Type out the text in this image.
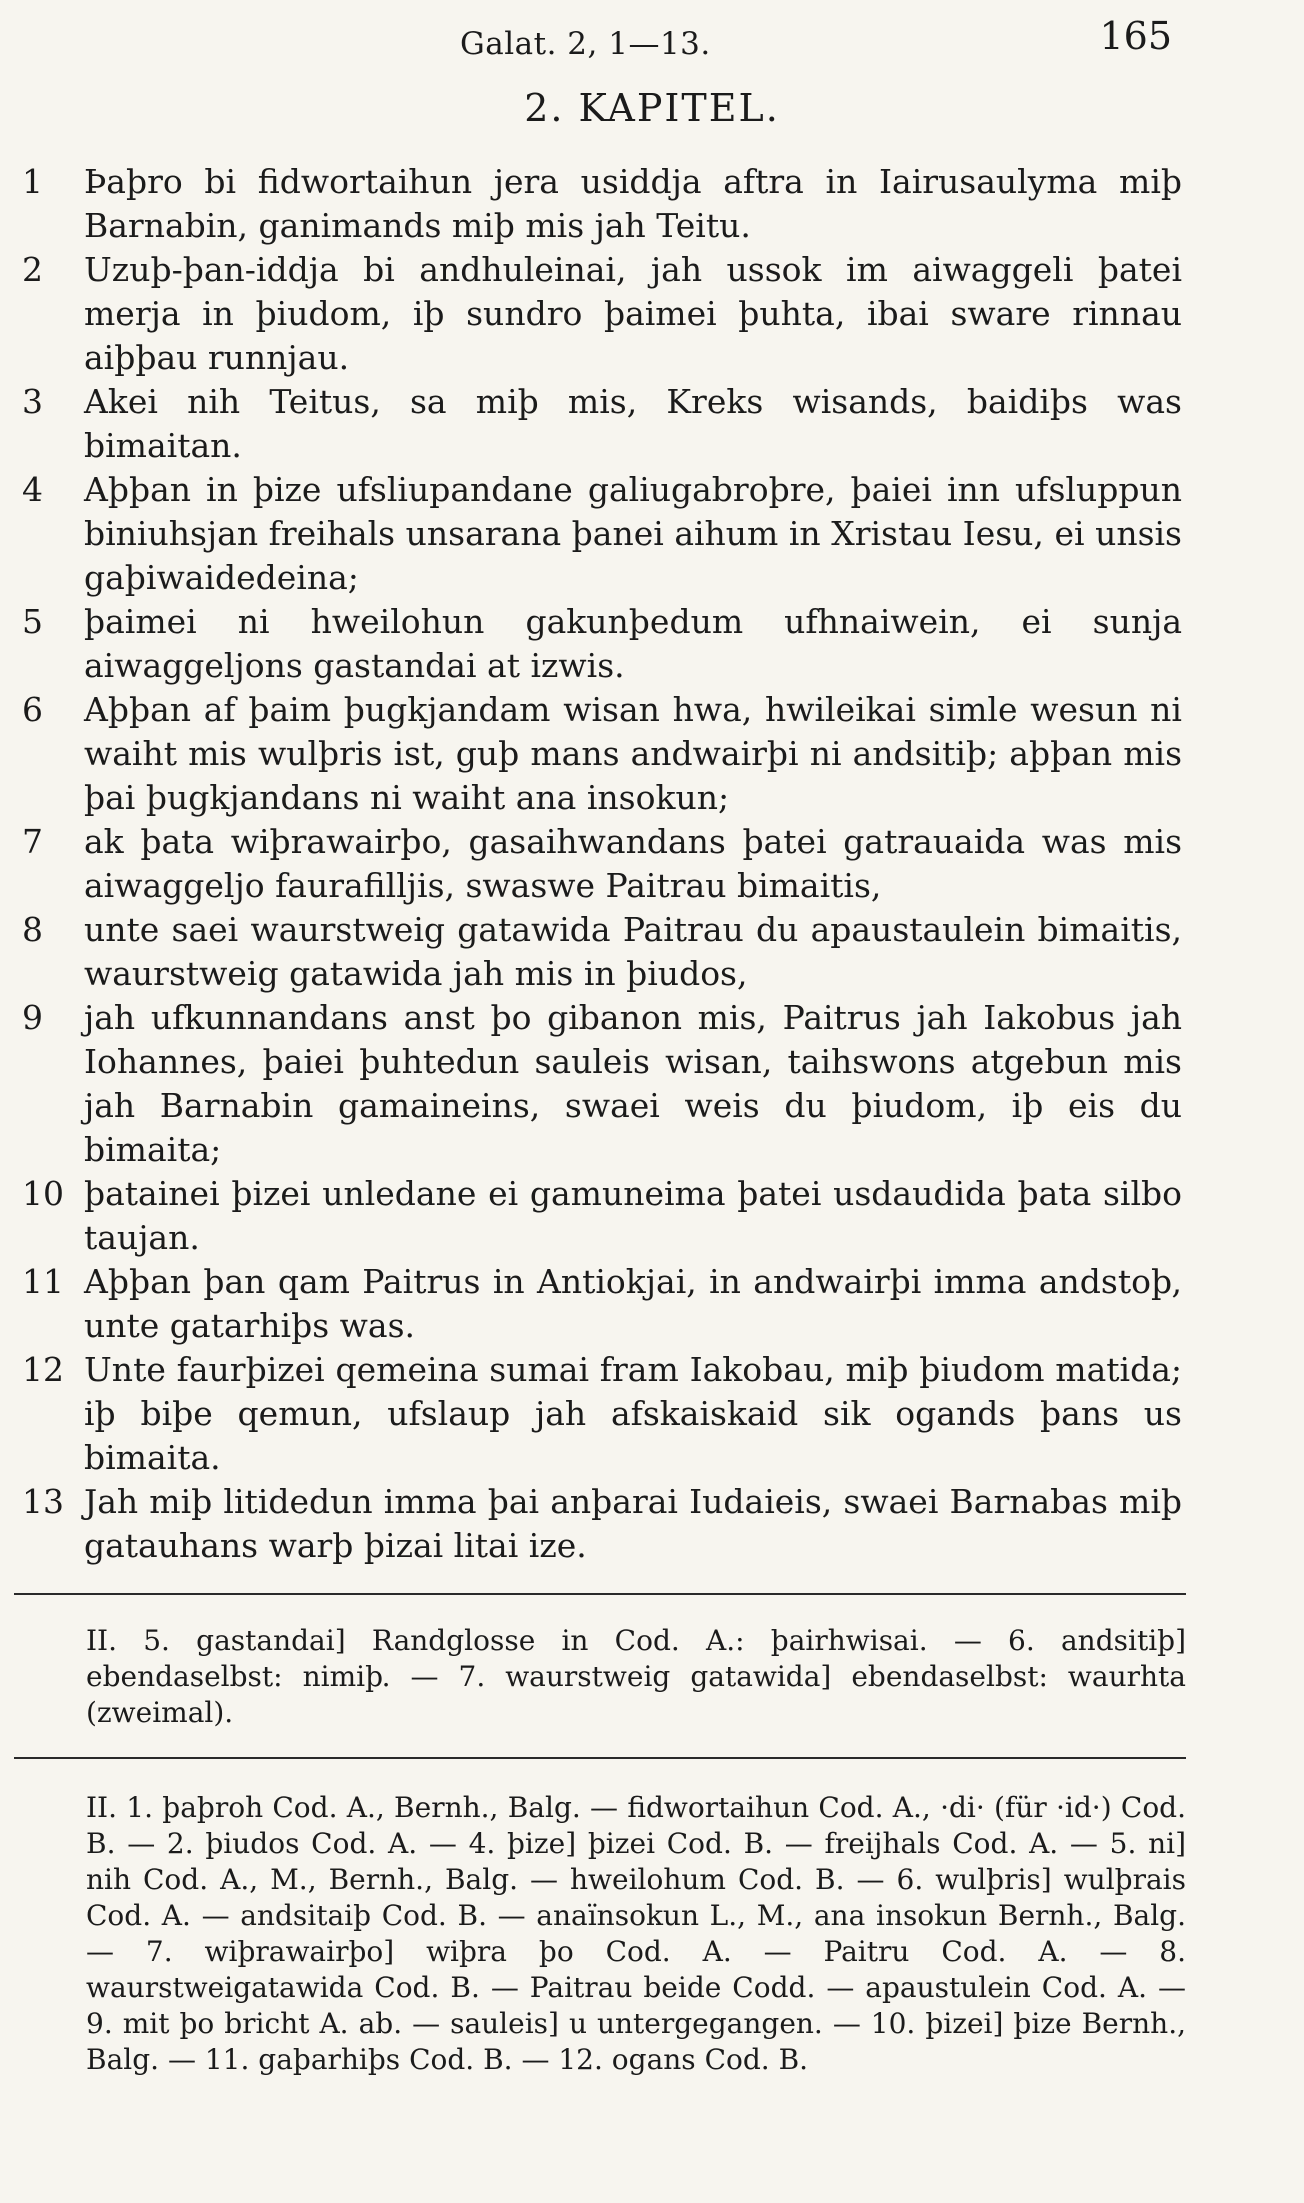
Galat. 2, 1—13.	165
2. KAPITEL.
1	Þaþro bi fidwortaihun jera usiddja aftra in Iairusaulyma miþ Barnabin, ganimands miþ mis jah Teitu.
2	Uzuþ-þan-iddja bi andhuleinai, jah ussok im aiwaggeli þatei merja in þiudom, iþ sundro þaimei þuhta, ibai sware rinnau aiþþau runnjau.
3	Akei nih Teitus, sa miþ mis, Kreks wisands, baidiþs was bimaitan.
4	Aþþan in þize ufsliupandane galiugabroþre, þaiei inn ufsluppun biniuhsjan freihals unsarana þanei aihum in Xristau Iesu, ei unsis gaþiwaidedeina;
5	þaimei ni hweilohun gakunþedum ufhnaiwein, ei sunja aiwaggeljons gastandai at izwis.
6	Aþþan af þaim þugkjandam wisan hwa, hwileikai simle wesun ni waiht mis wulþris ist, guþ mans andwairþi ni andsitiþ; aþþan mis þai þugkjandans ni waiht ana insokun;
7	ak þata wiþrawairþo, gasaihwandans þatei gatrauaida was mis aiwaggeljo faurafilljis, swaswe Paitrau bimaitis,
8	unte saei waurstweig gatawida Paitrau du apaustaulein bimaitis, waurstweig gatawida jah mis in þiudos,
9	jah ufkunnandans anst þo gibanon mis, Paitrus jah Iakobus jah Iohannes, þaiei þuhtedun sauleis wisan, taihswons atgebun mis jah Barnabin gamaineins, swaei weis du þiudom, iþ eis du bimaita;
10 þatainei þizei unledane ei gamuneima þatei usdaudida þata silbo taujan.
11 Aþþan þan qam Paitrus in Antiokjai, in andwairþi imma andstoþ, unte gatarhiþs was.
12 Unte faurþizei qemeina sumai fram Iakobau, miþ þiudom matida; iþ biþe qemun, ufslaup jah afskaiskaid sik ogands þans us bimaita.
13 Jah miþ litidedun imma þai anþarai Iudaieis, swaei Barnabas miþ gatauhans warþ þizai litai ize.

II. 5. gastandai] Randglosse in Cod. A.: þairhwisai. — 6. andsitiþ] ebendaselbst: nimiþ. — 7. waurstweig gatawida] ebendaselbst: waurhta (zweimal).

II. 1. þaþroh Cod. A., Bernh., Balg. — fidwortaihun Cod. A., ·di· (für ·id·) Cod. B. — 2. þiudos Cod. A. — 4. þize] þizei Cod. B. — freijhals Cod. A. — 5. ni] nih Cod. A., M., Bernh., Balg. — hweilohum Cod. B. — 6. wulþris] wulþrais Cod. A. — andsitaiþ Cod. B. — anaïnsokun L., M., ana insokun Bernh., Balg. — 7. wiþrawairþo] wiþra þo Cod. A. — Paitru Cod. A. — 8. waurstweigatawida Cod. B. — Paitrau beide Codd. — apaustulein Cod. A. — 9. mit þo bricht A. ab. — sauleis] u untergegangen. — 10. þizei] þize Bernh., Balg. — 11. gaþarhiþs Cod. B. — 12. ogans Cod. B.
